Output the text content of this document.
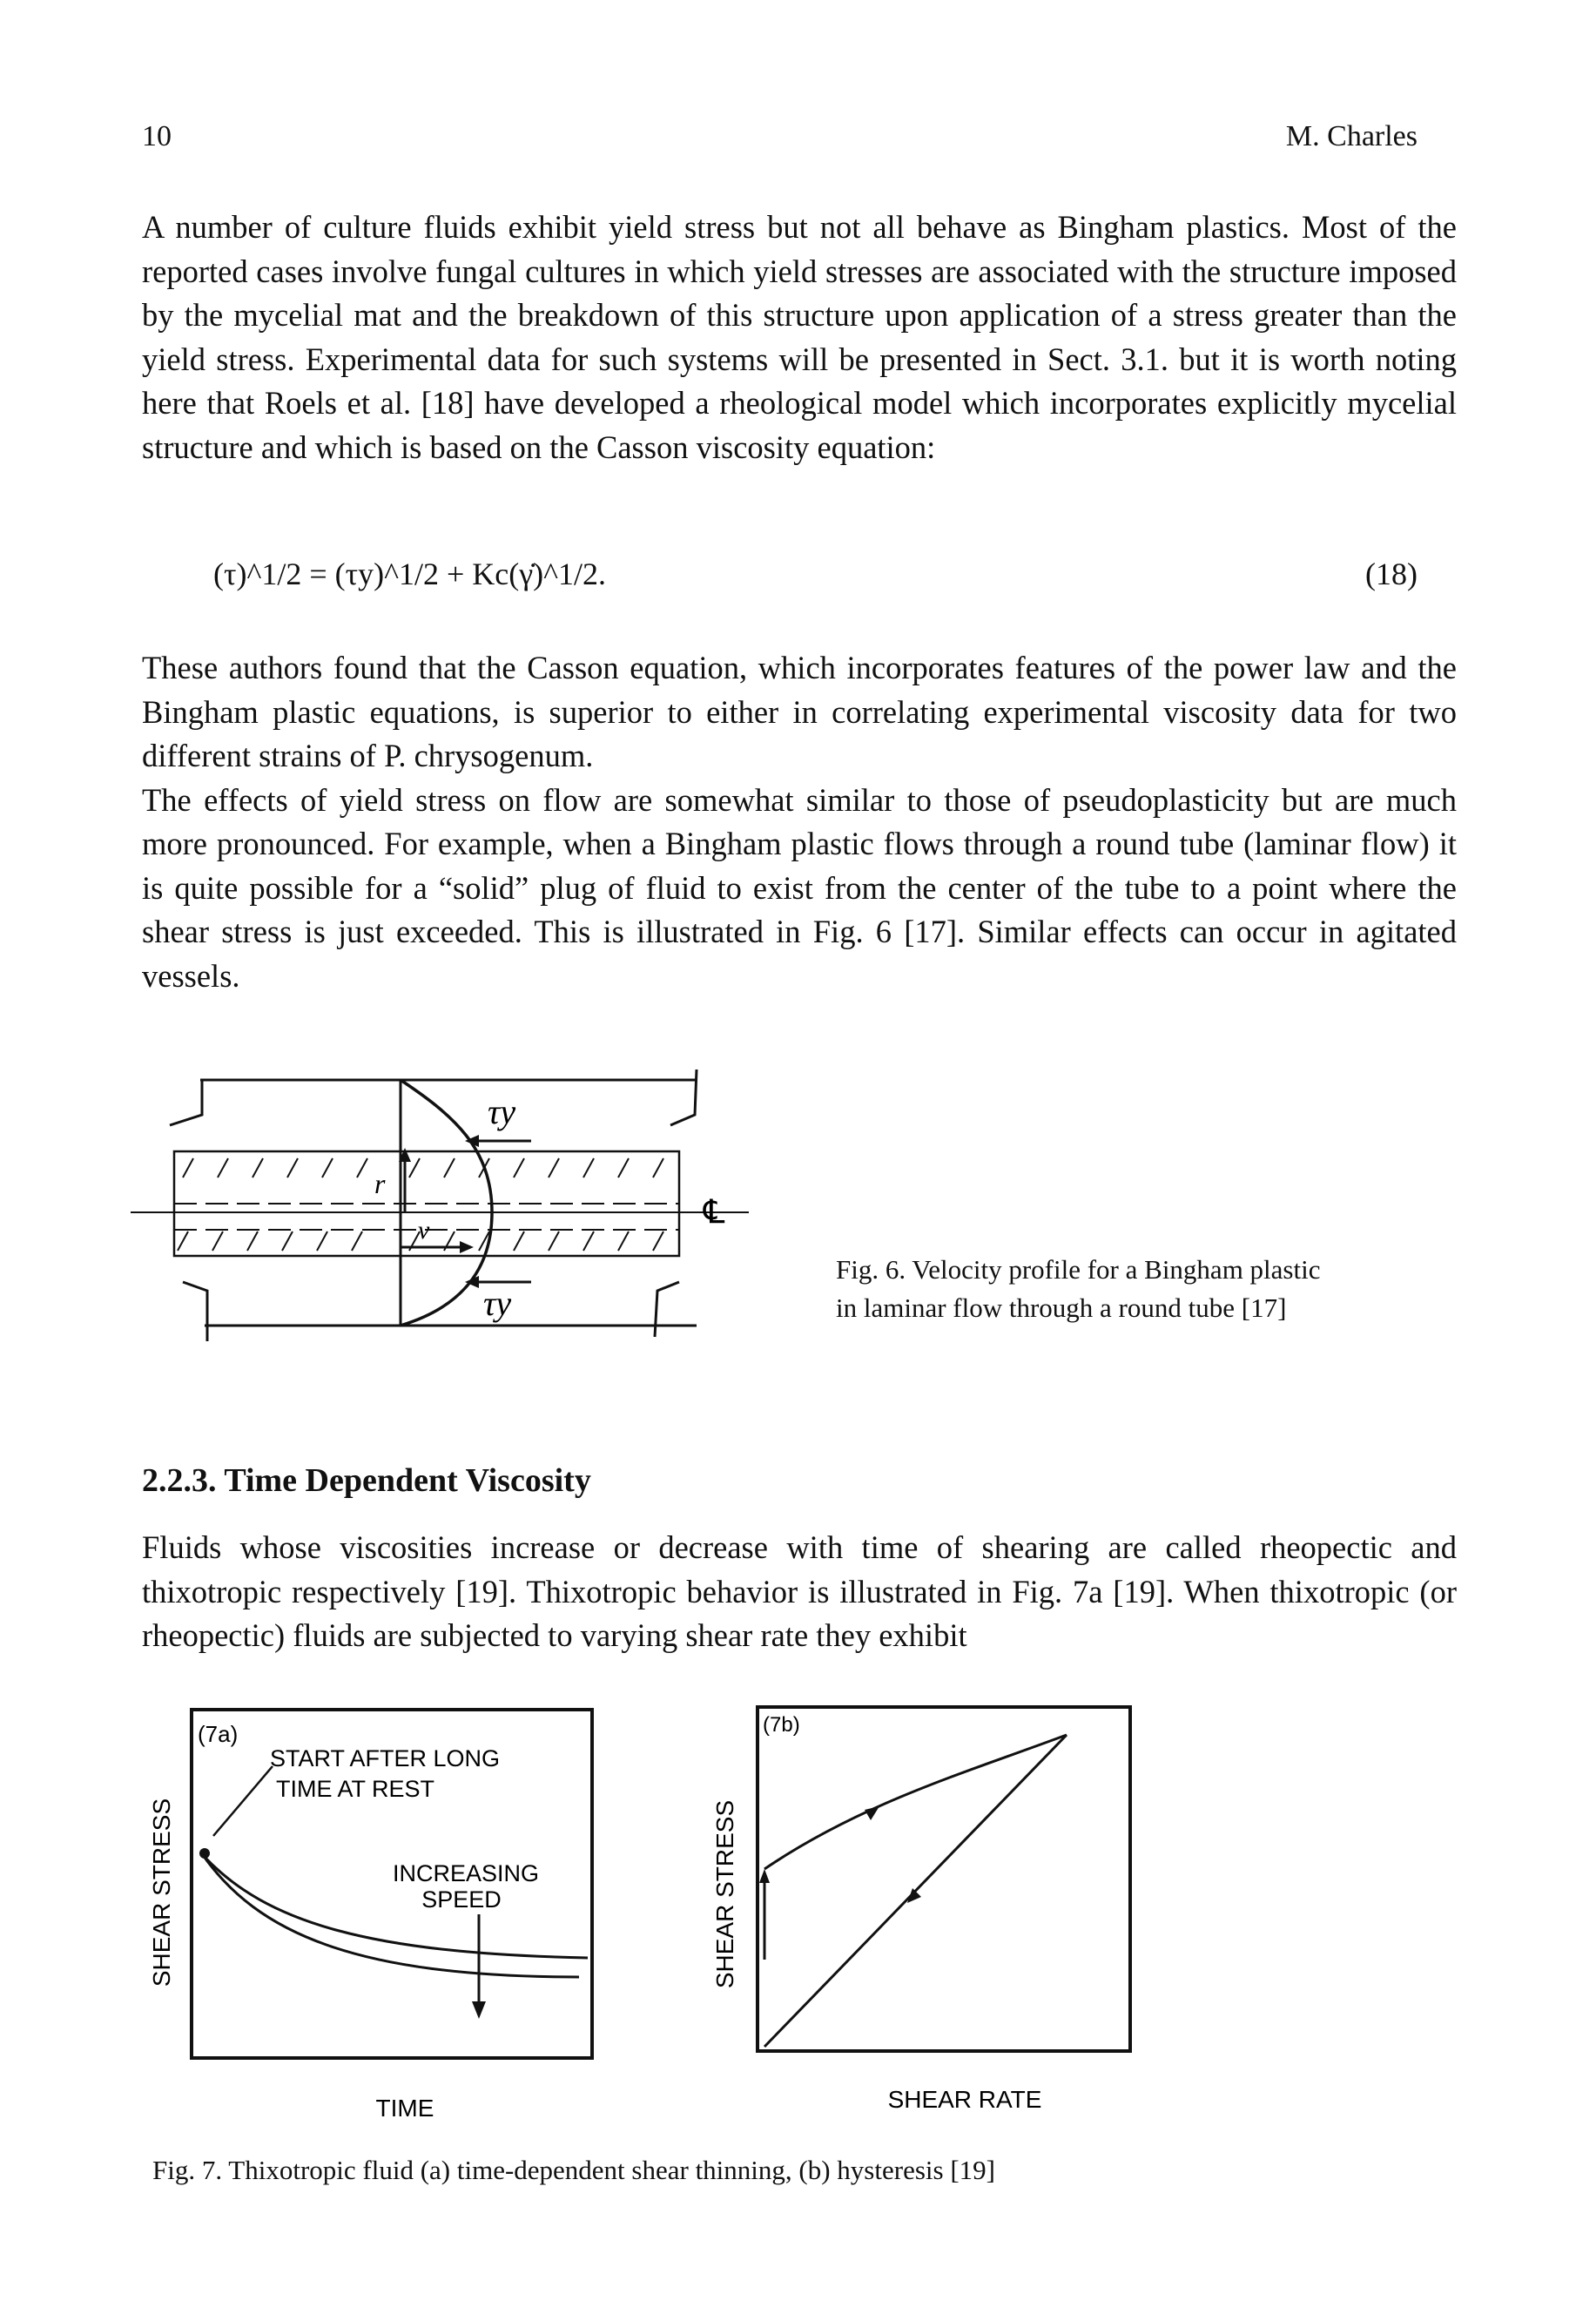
10	M. Charles

A number of culture fluids exhibit yield stress but not all behave as Bingham plastics. Most of the reported cases involve fungal cultures in which yield stresses are associated with the structure imposed by the mycelial mat and the breakdown of this structure upon application of a stress greater than the yield stress. Experimental data for such systems will be presented in Sect. 3.1. but it is worth noting here that Roels et al. [18] have developed a rheological model which incorporates explicitly mycelial structure and which is based on the Casson viscosity equation:

(τ)^1/2 = (τy)^1/2 + Kc(γ̇)^1/2.	(18)

These authors found that the Casson equation, which incorporates features of the power law and the Bingham plastic equations, is superior to either in correlating experimental viscosity data for two different strains of P. chrysogenum.

The effects of yield stress on flow are somewhat similar to those of pseudoplasticity but are much more pronounced. For example, when a Bingham plastic flows through a round tube (laminar flow) it is quite possible for a “solid” plug of fluid to exist from the center of the tube to a point where the shear stress is just exceeded. This is illustrated in Fig. 6 [17]. Similar effects can occur in agitated vessels.

τy
τy
r
v	℄
Fig. 6. Velocity profile for a Bingham plastic
in laminar flow through a round tube [17]
2.2.3. Time Dependent Viscosity

Fluids whose viscosities increase or decrease with time of shearing are called rheopectic and thixotropic respectively [19]. Thixotropic behavior is illustrated in Fig. 7a [19]. When thixotropic (or rheopectic) fluids are subjected to varying shear rate they exhibit

(7a)
START AFTER LONG
TIME AT REST
INCREASING
SPEED
SHEAR STRESS
TIME
(7b)
SHEAR STRESS
SHEAR RATE
Fig. 7. Thixotropic fluid (a) time-dependent shear thinning, (b) hysteresis [19]
